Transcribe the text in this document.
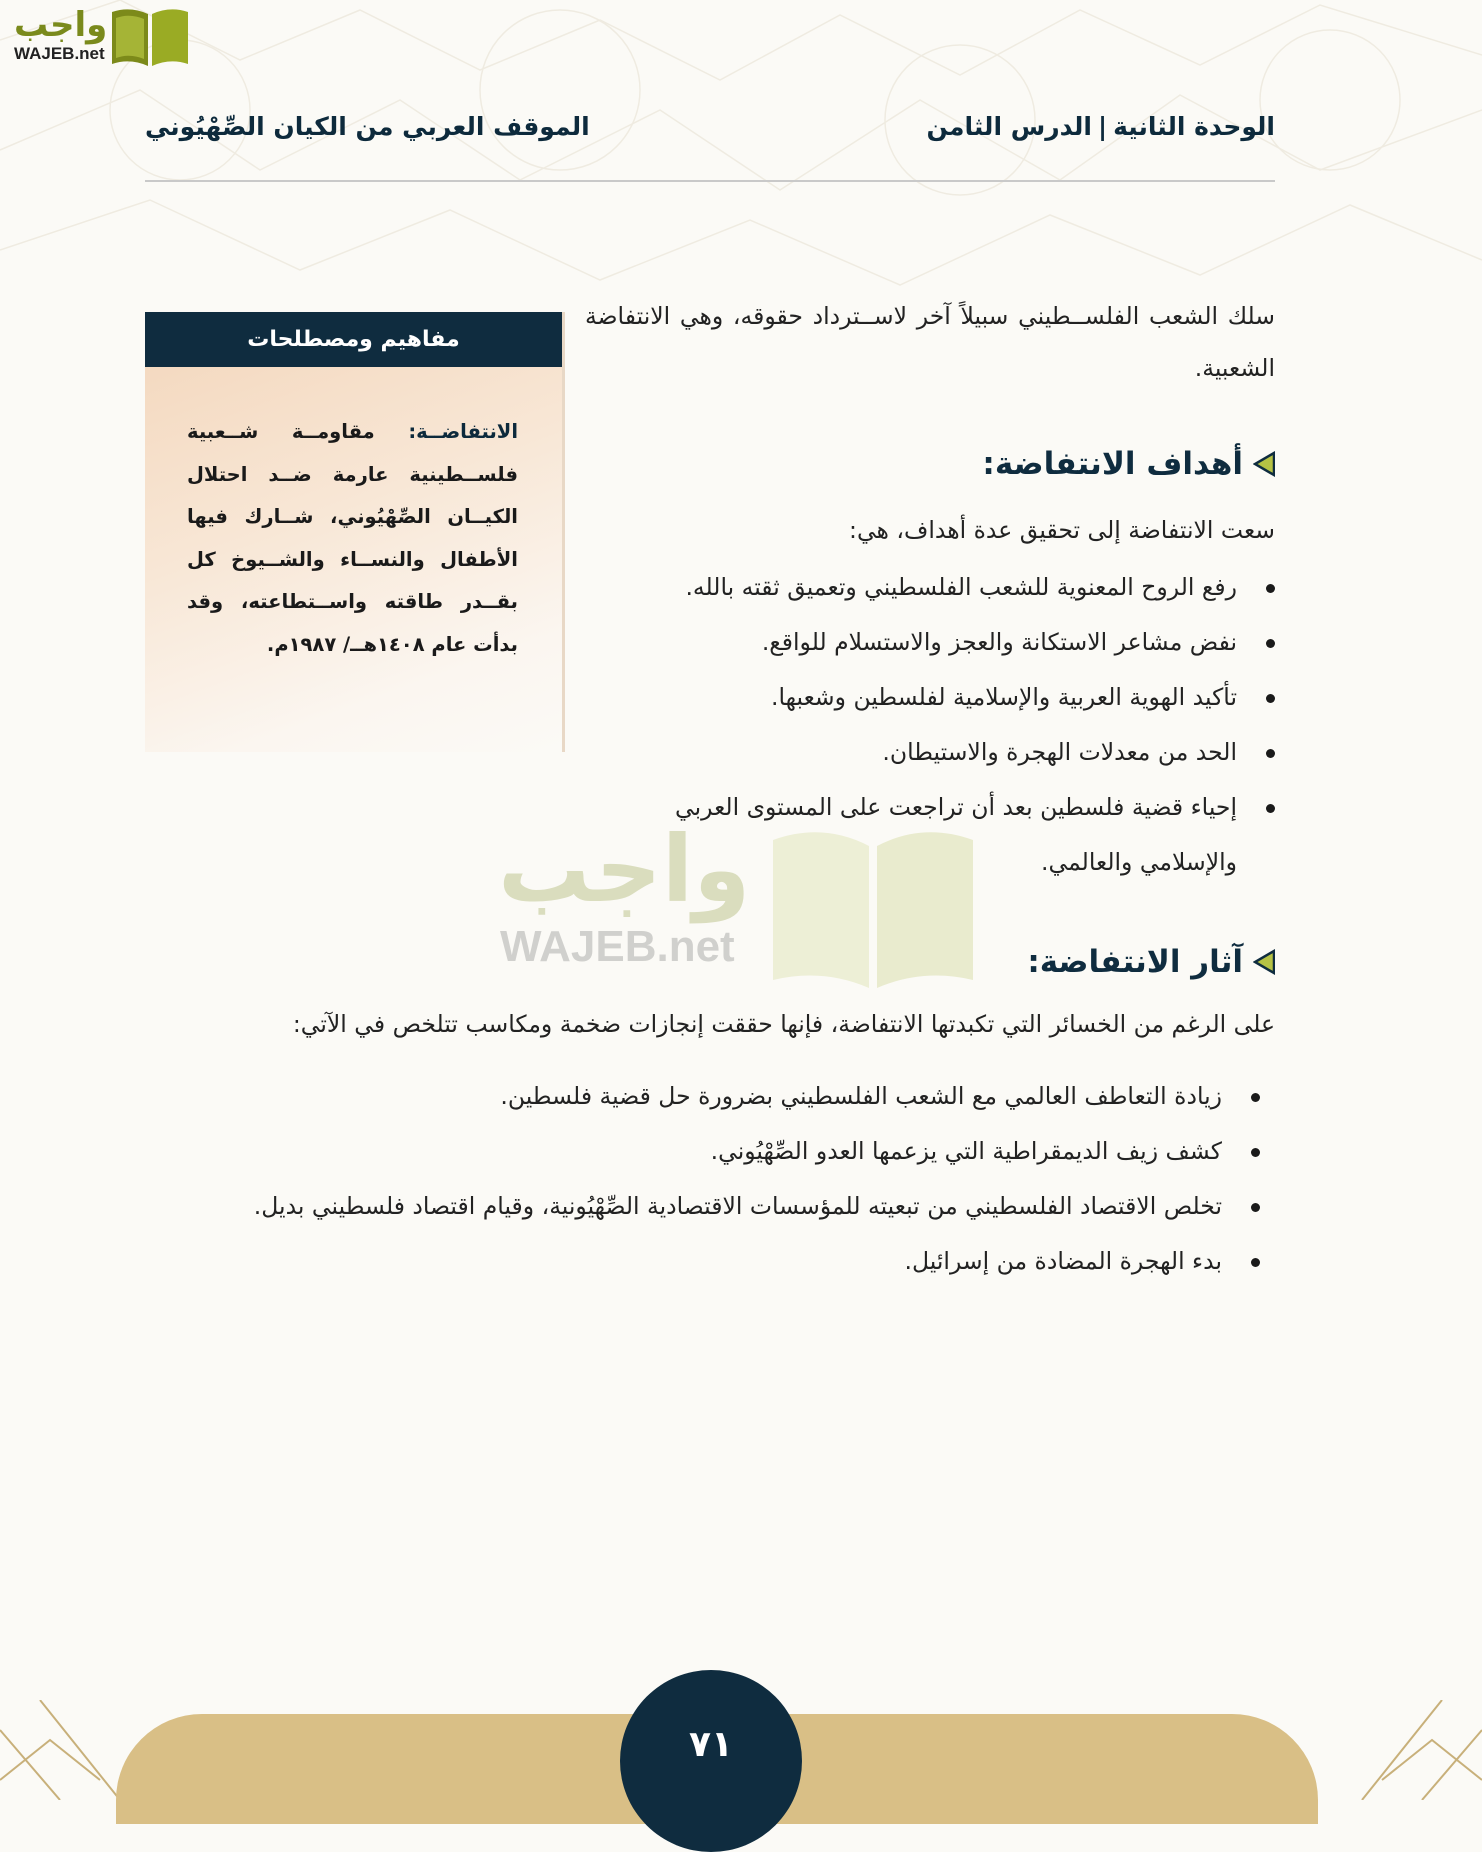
واجب
WAJEB.net
الوحدة الثانية|الدرس الثامن
الموقف العربي من الكيان الصِّهْيُوني
مفاهيم ومصطلحات
الانتفاضــة: مقاومــة شــعبية فلســطينية عارمة ضــد احتلال الكيــان الصِّهْيُوني، شــارك فيها الأطفال والنســاء والشــيوخ كل بقــدر طاقته واســتطاعته، وقد بدأت عام ١٤٠٨هــ/ ١٩٨٧م.
سلك الشعب الفلســطيني سبيلاً آخر لاســترداد حقوقه، وهي الانتفاضة الشعبية.
أهداف الانتفاضة:
سعت الانتفاضة إلى تحقيق عدة أهداف، هي:
رفع الروح المعنوية للشعب الفلسطيني وتعميق ثقته بالله.
نفض مشاعر الاستكانة والعجز والاستسلام للواقع.
تأكيد الهوية العربية والإسلامية لفلسطين وشعبها.
الحد من معدلات الهجرة والاستيطان.
إحياء قضية فلسطين بعد أن تراجعت على المستوى العربي والإسلامي والعالمي.
واجب
WAJEB.net	آثار الانتفاضة:
على الرغم من الخسائر التي تكبدتها الانتفاضة، فإنها حققت إنجازات ضخمة ومكاسب تتلخص في الآتي:
زيادة التعاطف العالمي مع الشعب الفلسطيني بضرورة حل قضية فلسطين.
كشف زيف الديمقراطية التي يزعمها العدو الصِّهْيُوني.
تخلص الاقتصاد الفلسطيني من تبعيته للمؤسسات الاقتصادية الصِّهْيُونية، وقيام اقتصاد فلسطيني بديل.
بدء الهجرة المضادة من إسرائيل.
٧١
